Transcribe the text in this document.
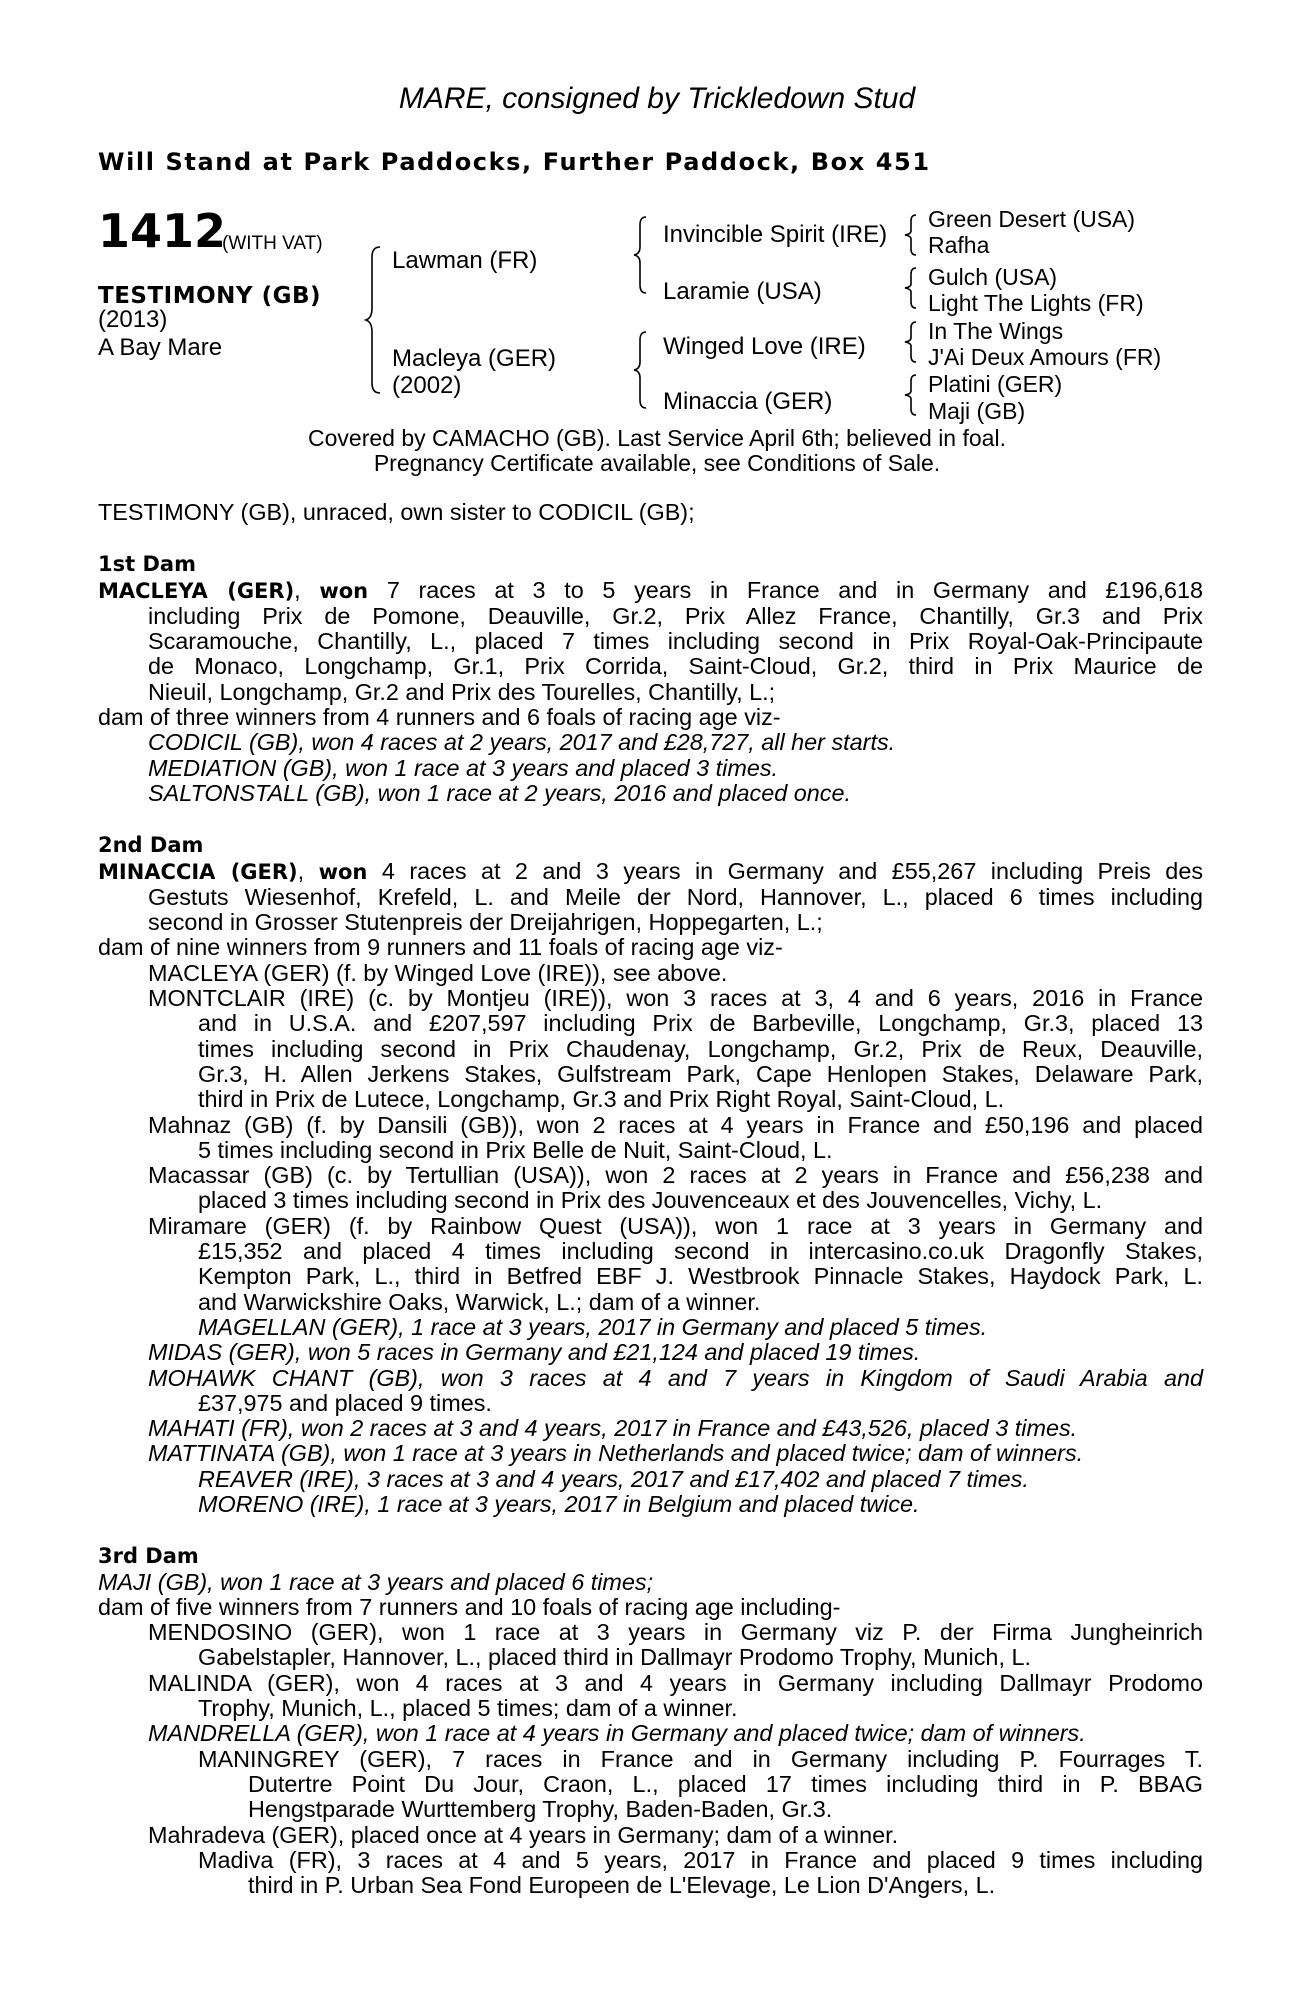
MARE, consigned by Trickledown Stud
Will Stand at Park Paddocks, Further Paddock, Box 451
1412
(WITH VAT)
TESTIMONY (GB)
(2013)
A Bay Mare
Lawman (FR)
Macleya (GER)
(2002)
Invincible Spirit (IRE)
Laramie (USA)
Winged Love (IRE)
Minaccia (GER)
Green Desert (USA)
Rafha
Gulch (USA)
Light The Lights (FR)
In The Wings
J'Ai Deux Amours (FR)
Platini (GER)
Maji (GB)
Covered by CAMACHO (GB). Last Service April 6th; believed in foal.
Pregnancy Certificate available, see Conditions of Sale.
TESTIMONY (GB), unraced, own sister to CODICIL (GB);
1st Dam
MACLEYA (GER), won 7 races at 3 to 5 years in France and in Germany and £196,618
including Prix de Pomone, Deauville, Gr.2, Prix Allez France, Chantilly, Gr.3 and Prix
Scaramouche, Chantilly, L., placed 7 times including second in Prix Royal-Oak-Principaute
de Monaco, Longchamp, Gr.1, Prix Corrida, Saint-Cloud, Gr.2, third in Prix Maurice de
Nieuil, Longchamp, Gr.2 and Prix des Tourelles, Chantilly, L.;
dam of three winners from 4 runners and 6 foals of racing age viz-
CODICIL (GB), won 4 races at 2 years, 2017 and £28,727, all her starts.
MEDIATION (GB), won 1 race at 3 years and placed 3 times.
SALTONSTALL (GB), won 1 race at 2 years, 2016 and placed once.
2nd Dam
MINACCIA (GER), won 4 races at 2 and 3 years in Germany and £55,267 including Preis des
Gestuts Wiesenhof, Krefeld, L. and Meile der Nord, Hannover, L., placed 6 times including
second in Grosser Stutenpreis der Dreijahrigen, Hoppegarten, L.;
dam of nine winners from 9 runners and 11 foals of racing age viz-
MACLEYA (GER) (f. by Winged Love (IRE)), see above.
MONTCLAIR (IRE) (c. by Montjeu (IRE)), won 3 races at 3, 4 and 6 years, 2016 in France
and in U.S.A. and £207,597 including Prix de Barbeville, Longchamp, Gr.3, placed 13
times including second in Prix Chaudenay, Longchamp, Gr.2, Prix de Reux, Deauville,
Gr.3, H. Allen Jerkens Stakes, Gulfstream Park, Cape Henlopen Stakes, Delaware Park,
third in Prix de Lutece, Longchamp, Gr.3 and Prix Right Royal, Saint-Cloud, L.
Mahnaz (GB) (f. by Dansili (GB)), won 2 races at 4 years in France and £50,196 and placed
5 times including second in Prix Belle de Nuit, Saint-Cloud, L.
Macassar (GB) (c. by Tertullian (USA)), won 2 races at 2 years in France and £56,238 and
placed 3 times including second in Prix des Jouvenceaux et des Jouvencelles, Vichy, L.
Miramare (GER) (f. by Rainbow Quest (USA)), won 1 race at 3 years in Germany and
£15,352 and placed 4 times including second in intercasino.co.uk Dragonfly Stakes,
Kempton Park, L., third in Betfred EBF J. Westbrook Pinnacle Stakes, Haydock Park, L.
and Warwickshire Oaks, Warwick, L.; dam of a winner.
MAGELLAN (GER), 1 race at 3 years, 2017 in Germany and placed 5 times.
MIDAS (GER), won 5 races in Germany and £21,124 and placed 19 times.
MOHAWK CHANT (GB), won 3 races at 4 and 7 years in Kingdom of Saudi Arabia and
£37,975 and placed 9 times.
MAHATI (FR), won 2 races at 3 and 4 years, 2017 in France and £43,526, placed 3 times.
MATTINATA (GB), won 1 race at 3 years in Netherlands and placed twice; dam of winners.
REAVER (IRE), 3 races at 3 and 4 years, 2017 and £17,402 and placed 7 times.
MORENO (IRE), 1 race at 3 years, 2017 in Belgium and placed twice.
3rd Dam
MAJI (GB), won 1 race at 3 years and placed 6 times;
dam of five winners from 7 runners and 10 foals of racing age including-
MENDOSINO (GER), won 1 race at 3 years in Germany viz P. der Firma Jungheinrich
Gabelstapler, Hannover, L., placed third in Dallmayr Prodomo Trophy, Munich, L.
MALINDA (GER), won 4 races at 3 and 4 years in Germany including Dallmayr Prodomo
Trophy, Munich, L., placed 5 times; dam of a winner.
MANDRELLA (GER), won 1 race at 4 years in Germany and placed twice; dam of winners.
MANINGREY (GER), 7 races in France and in Germany including P. Fourrages T.
Dutertre Point Du Jour, Craon, L., placed 17 times including third in P. BBAG
Hengstparade Wurttemberg Trophy, Baden-Baden, Gr.3.
Mahradeva (GER), placed once at 4 years in Germany; dam of a winner.
Madiva (FR), 3 races at 4 and 5 years, 2017 in France and placed 9 times including
third in P. Urban Sea Fond Europeen de L'Elevage, Le Lion D'Angers, L.
